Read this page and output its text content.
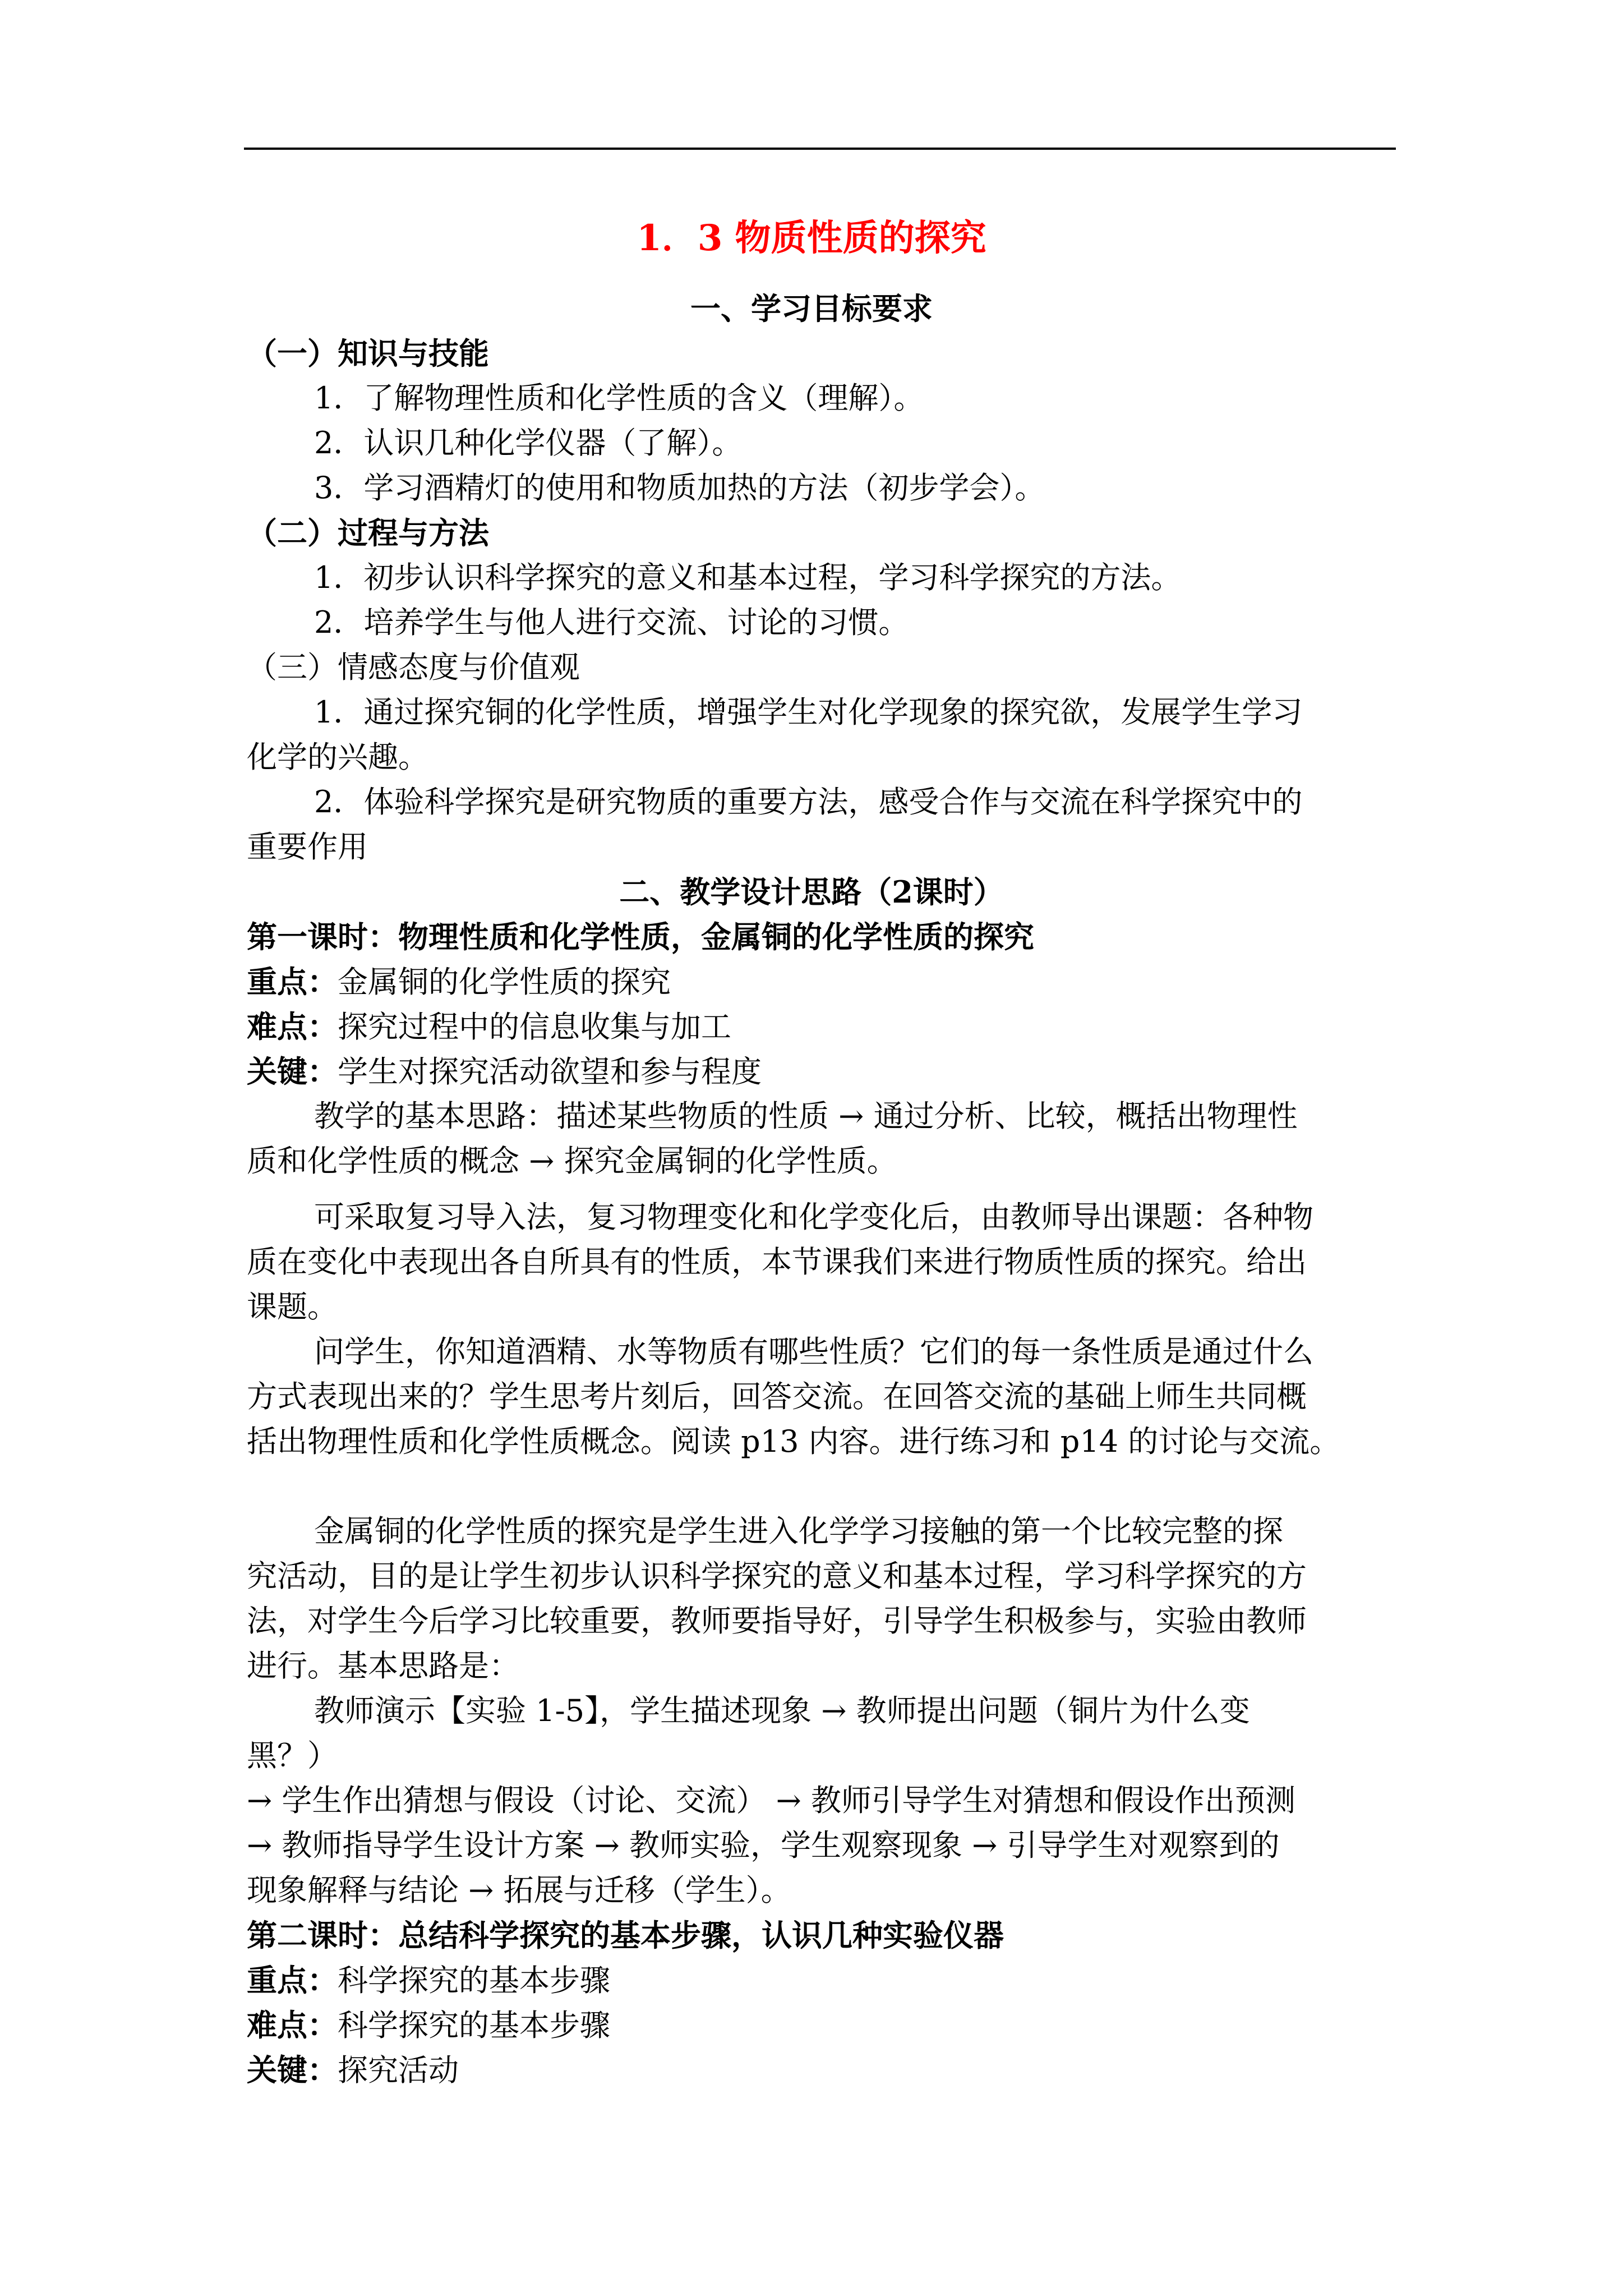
1．3 物质性质的探究
一、学习目标要求
（一）知识与技能
1．了解物理性质和化学性质的含义（理解）。
2．认识几种化学仪器（了解）。
3．学习酒精灯的使用和物质加热的方法（初步学会）。
（二）过程与方法
1．初步认识科学探究的意义和基本过程，学习科学探究的方法。
2．培养学生与他人进行交流、讨论的习惯。
（三）情感态度与价值观
1．通过探究铜的化学性质，增强学生对化学现象的探究欲，发展学生学习
化学的兴趣。
2．体验科学探究是研究物质的重要方法，感受合作与交流在科学探究中的
重要作用
二、教学设计思路（2课时）
第一课时：物理性质和化学性质，金属铜的化学性质的探究
重点：金属铜的化学性质的探究
难点：探究过程中的信息收集与加工
关键：学生对探究活动欲望和参与程度
教学的基本思路：描述某些物质的性质 → 通过分析、比较，概括出物理性
质和化学性质的概念 → 探究金属铜的化学性质。
可采取复习导入法，复习物理变化和化学变化后，由教师导出课题：各种物
质在变化中表现出各自所具有的性质，本节课我们来进行物质性质的探究。给出
课题。
问学生，你知道酒精、水等物质有哪些性质？它们的每一条性质是通过什么
方式表现出来的？学生思考片刻后，回答交流。在回答交流的基础上师生共同概
括出物理性质和化学性质概念。阅读 p13 内容。进行练习和 p14 的讨论与交流。
金属铜的化学性质的探究是学生进入化学学习接触的第一个比较完整的探
究活动，目的是让学生初步认识科学探究的意义和基本过程，学习科学探究的方
法，对学生今后学习比较重要，教师要指导好，引导学生积极参与，实验由教师
进行。基本思路是：
教师演示【实验 1-5】，学生描述现象 → 教师提出问题（铜片为什么变
黑？）
→ 学生作出猜想与假设（讨论、交流） → 教师引导学生对猜想和假设作出预测
→ 教师指导学生设计方案 → 教师实验，学生观察现象 → 引导学生对观察到的
现象解释与结论 → 拓展与迁移（学生）。
第二课时：总结科学探究的基本步骤，认识几种实验仪器
重点：科学探究的基本步骤
难点：科学探究的基本步骤
关键：探究活动
